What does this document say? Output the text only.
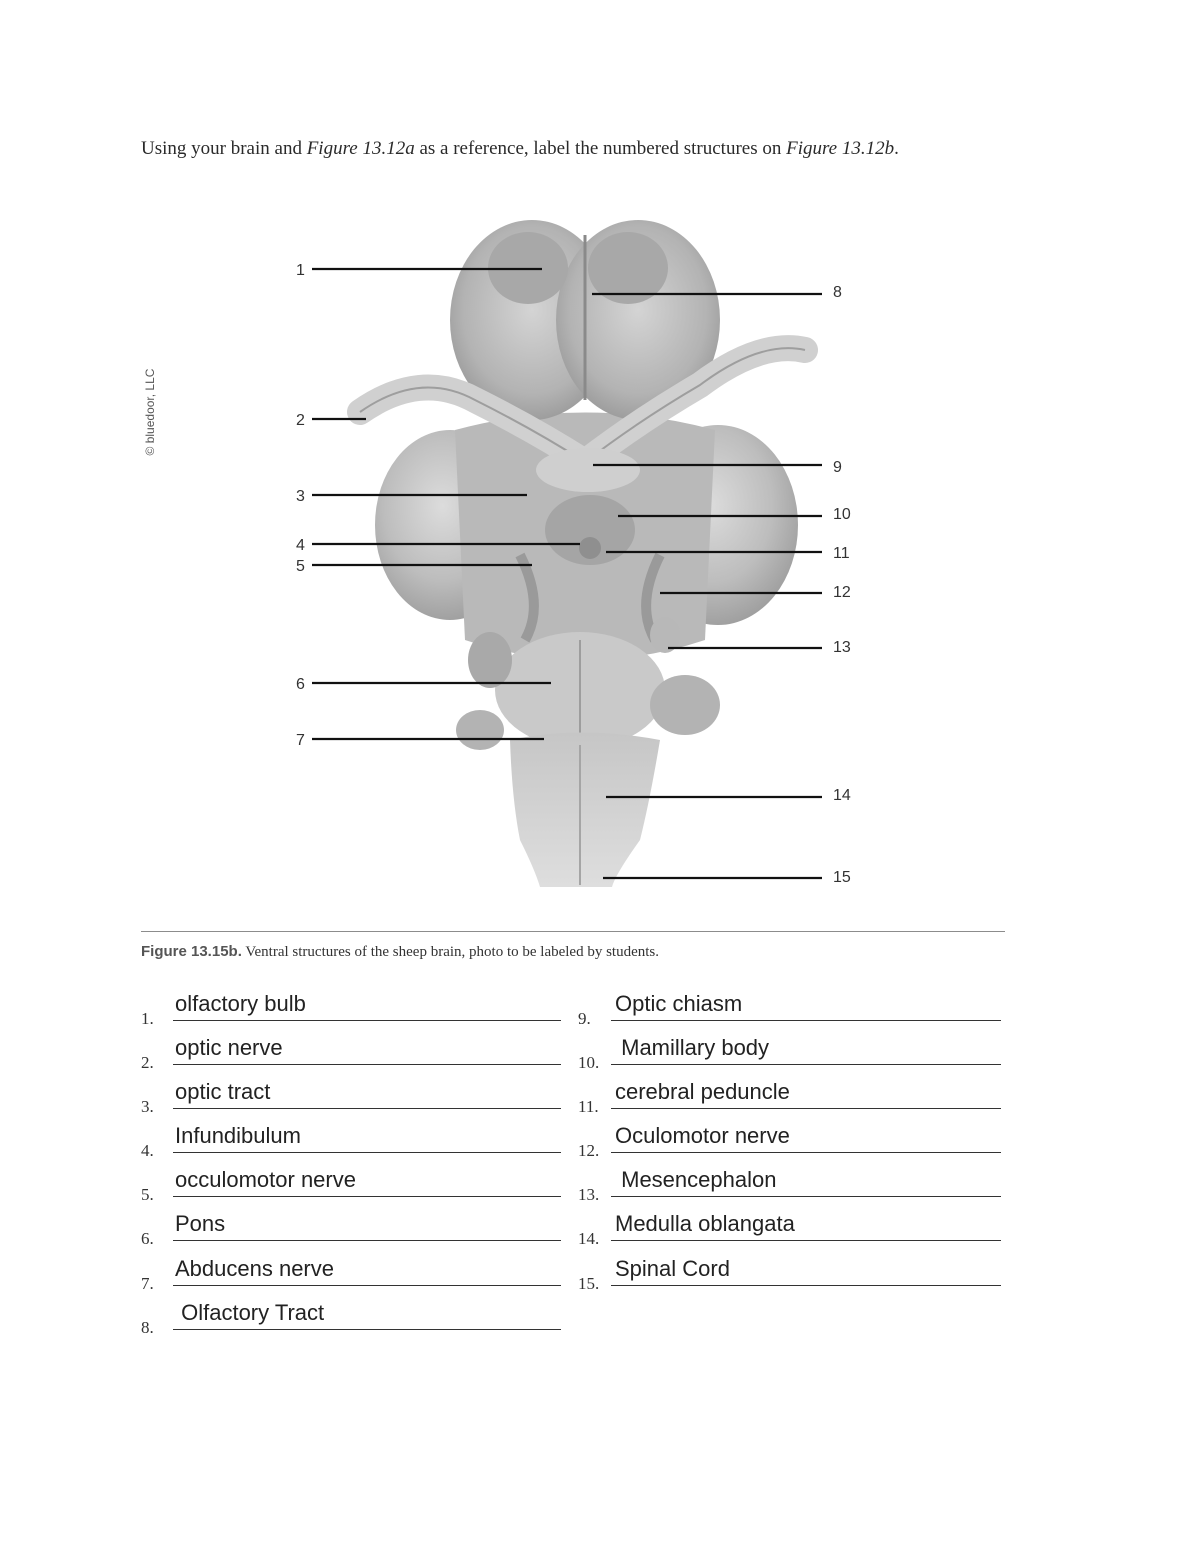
Using your brain and Figure 13.12a as a reference, label the numbered structures on Figure 13.12b.
© bluedoor, LLC
1
2
3
4
5
6
7
8
9
10
11
12
13
14
15
Figure 13.15b. Ventral structures of the sheep brain, photo to be labeled by students.
1.
olfactory bulb
2.
optic nerve
3.
optic tract
4.
Infundibulum
5.
occulomotor nerve
6.
Pons
7.
Abducens nerve
8.
Olfactory Tract
9.
Optic chiasm
10.
Mamillary body
11.
cerebral peduncle
12.
Oculomotor nerve
13.
Mesencephalon
14.
Medulla oblangata
15.
Spinal Cord
